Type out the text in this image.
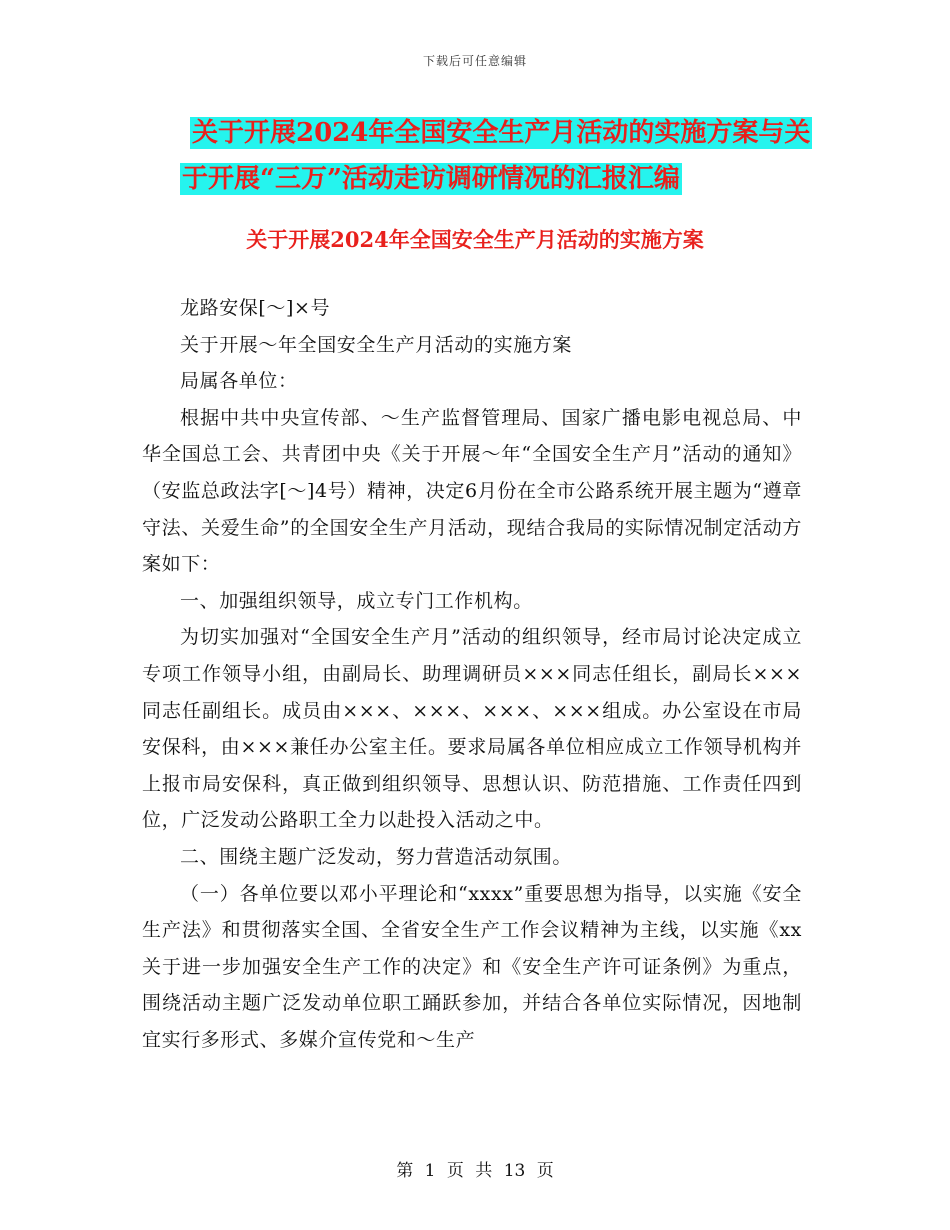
下载后可任意编辑
关于开展2024年全国安全生产月活动的实施方案与关
于开展“三万”活动走访调研情况的汇报汇编
关于开展2024年全国安全生产月活动的实施方案

龙路安保[～]×号

关于开展～年全国安全生产月活动的实施方案

局属各单位：

根据中共中央宣传部、～生产监督管理局、国家广播电影电视总局、中华全国总工会、共青团中央《关于开展～年“全国安全生产月”活动的通知》（安监总政法字[～]4号）精神，决定6月份在全市公路系统开展主题为“遵章守法、关爱生命”的全国安全生产月活动，现结合我局的实际情况制定活动方案如下：

一、加强组织领导，成立专门工作机构。

为切实加强对“全国安全生产月”活动的组织领导，经市局讨论决定成立专项工作领导小组，由副局长、助理调研员×××同志任组长，副局长×××同志任副组长。成员由×××、×××、×××、×××组成。办公室设在市局安保科，由×××兼任办公室主任。要求局属各单位相应成立工作领导机构并上报市局安保科，真正做到组织领导、思想认识、防范措施、工作责任四到位，广泛发动公路职工全力以赴投入活动之中。

二、围绕主题广泛发动，努力营造活动氛围。

（一）各单位要以邓小平理论和“xxxx”重要思想为指导，以实施《安全生产法》和贯彻落实全国、全省安全生产工作会议精神为主线，以实施《xx关于进一步加强安全生产工作的决定》和《安全生产许可证条例》为重点，围绕活动主题广泛发动单位职工踊跃参加，并结合各单位实际情况，因地制宜实行多形式、多媒介宣传党和～生产

第 1 页 共 13 页
